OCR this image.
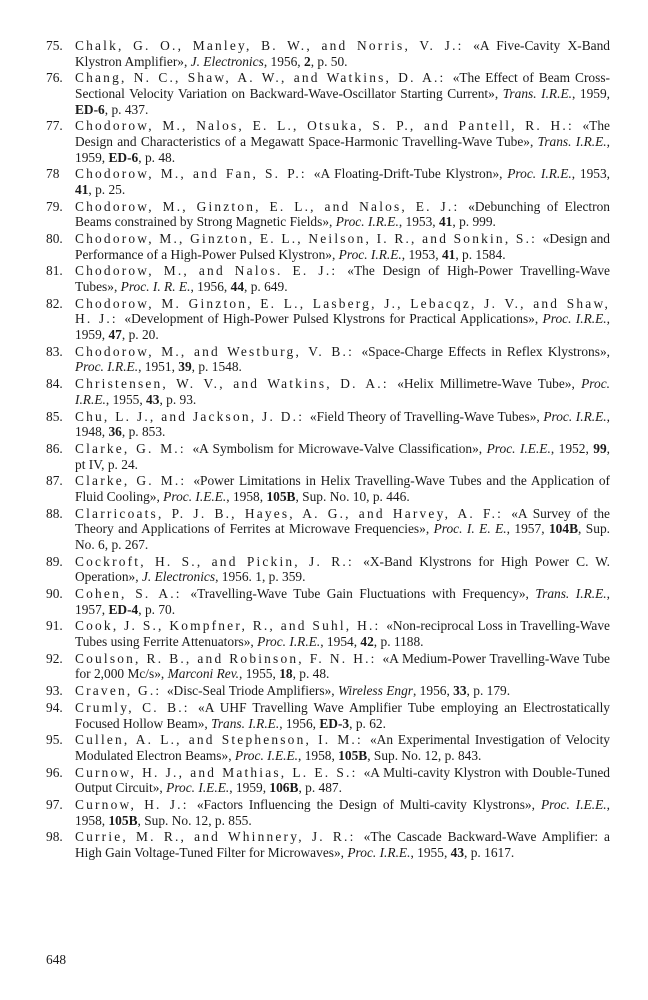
75. Chalk, G. O., Manley, B. W., and Norris, V. J.: «A Five-Cavity X-Band Klystron Amplifier», J. Electronics, 1956, 2, p. 50.
76. Chang, N. C., Shaw, A. W., and Watkins, D. A.: «The Effect of Beam Cross-Sectional Velocity Variation on Backward-Wave-Oscillator Starting Current», Trans. I.R.E., 1959, ED-6, p. 437.
77. Chodorow, M., Nalos, E. L., Otsuka, S. P., and Pantell, R. H.: «The Design and Characteristics of a Megawatt Space-Harmonic Travelling-Wave Tube», Trans. I.R.E., 1959, ED-6, p. 48.
78 Chodorow, M., and Fan, S. P.: «A Floating-Drift-Tube Klystron», Proc. I.R.E., 1953, 41, p. 25.
79. Chodorow, M., Ginzton, E. L., and Nalos, E. J.: «Debunching of Electron Beams constrained by Strong Magnetic Fields», Proc. I.R.E., 1953, 41, p. 999.
80. Chodorow, M., Ginzton, E. L., Neilson, I. R., and Sonkin, S.: «Design and Performance of a High-Power Pulsed Klystron», Proc. I.R.E., 1953, 41, p. 1584.
81. Chodorow, M., and Nalos. E. J.: «The Design of High-Power Travelling-Wave Tubes», Proc. I. R. E., 1956, 44, p. 649.
82. Chodorow, M. Ginzton, E. L., Lasberg, J., Lebacqz, J. V., and Shaw, H. J.: «Development of High-Power Pulsed Klystrons for Practical Applications», Proc. I.R.E., 1959, 47, p. 20.
83. Chodorow, M., and Westburg, V. B.: «Space-Charge Effects in Reflex Klystrons», Proc. I.R.E., 1951, 39, p. 1548.
84. Christensen, W. V., and Watkins, D. A.: «Helix Millimetre-Wave Tube», Proc. I.R.E., 1955, 43, p. 93.
85. Chu, L. J., and Jackson, J. D.: «Field Theory of Travelling-Wave Tubes», Proc. I.R.E., 1948, 36, p. 853.
86. Clarke, G. M.: «A Symbolism for Microwave-Valve Classification», Proc. I.E.E., 1952, 99, pt IV, p. 24.
87. Clarke, G. M.: «Power Limitations in Helix Travelling-Wave Tubes and the Application of Fluid Cooling», Proc. I.E.E., 1958, 105B, Sup. No. 10, p. 446.
88. Clarricoats, P. J. B., Hayes, A. G., and Harvey, A. F.: «A Survey of the Theory and Applications of Ferrites at Microwave Frequencies», Proc. I. E. E., 1957, 104B, Sup. No. 6, p. 267.
89. Cockroft, H. S., and Pickin, J. R.: «X-Band Klystrons for High Power C. W. Operation», J. Electronics, 1956. 1, p. 359.
90. Cohen, S. A.: «Travelling-Wave Tube Gain Fluctuations with Frequency», Trans. I.R.E., 1957, ED-4, p. 70.
91. Cook, J. S., Kompfner, R., and Suhl, H.: «Non-reciprocal Loss in Travelling-Wave Tubes using Ferrite Attenuators», Proc. I.R.E., 1954, 42, p. 1188.
92. Coulson, R. B., and Robinson, F. N. H.: «A Medium-Power Travelling-Wave Tube for 2,000 Mc/s», Marconi Rev., 1955, 18, p. 48.
93. Craven, G.: «Disc-Seal Triode Amplifiers», Wireless Engr, 1956, 33, p. 179.
94. Crumly, C. B.: «A UHF Travelling Wave Amplifier Tube employing an Electrostatically Focused Hollow Beam», Trans. I.R.E., 1956, ED-3, p. 62.
95. Cullen, A. L., and Stephenson, I. M.: «An Experimental Investigation of Velocity Modulated Electron Beams», Proc. I.E.E., 1958, 105B, Sup. No. 12, p. 843.
96. Curnow, H. J., and Mathias, L. E. S.: «A Multi-cavity Klystron with Double-Tuned Output Circuit», Proc. I.E.E., 1959, 106B, p. 487.
97. Curnow, H. J.: «Factors Influencing the Design of Multi-cavity Klystrons», Proc. I.E.E., 1958, 105B, Sup. No. 12, p. 855.
98. Currie, M. R., and Whinnery, J. R.: «The Cascade Backward-Wave Amplifier: a High Gain Voltage-Tuned Filter for Microwaves», Proc. I.R.E., 1955, 43, p. 1617.
648
